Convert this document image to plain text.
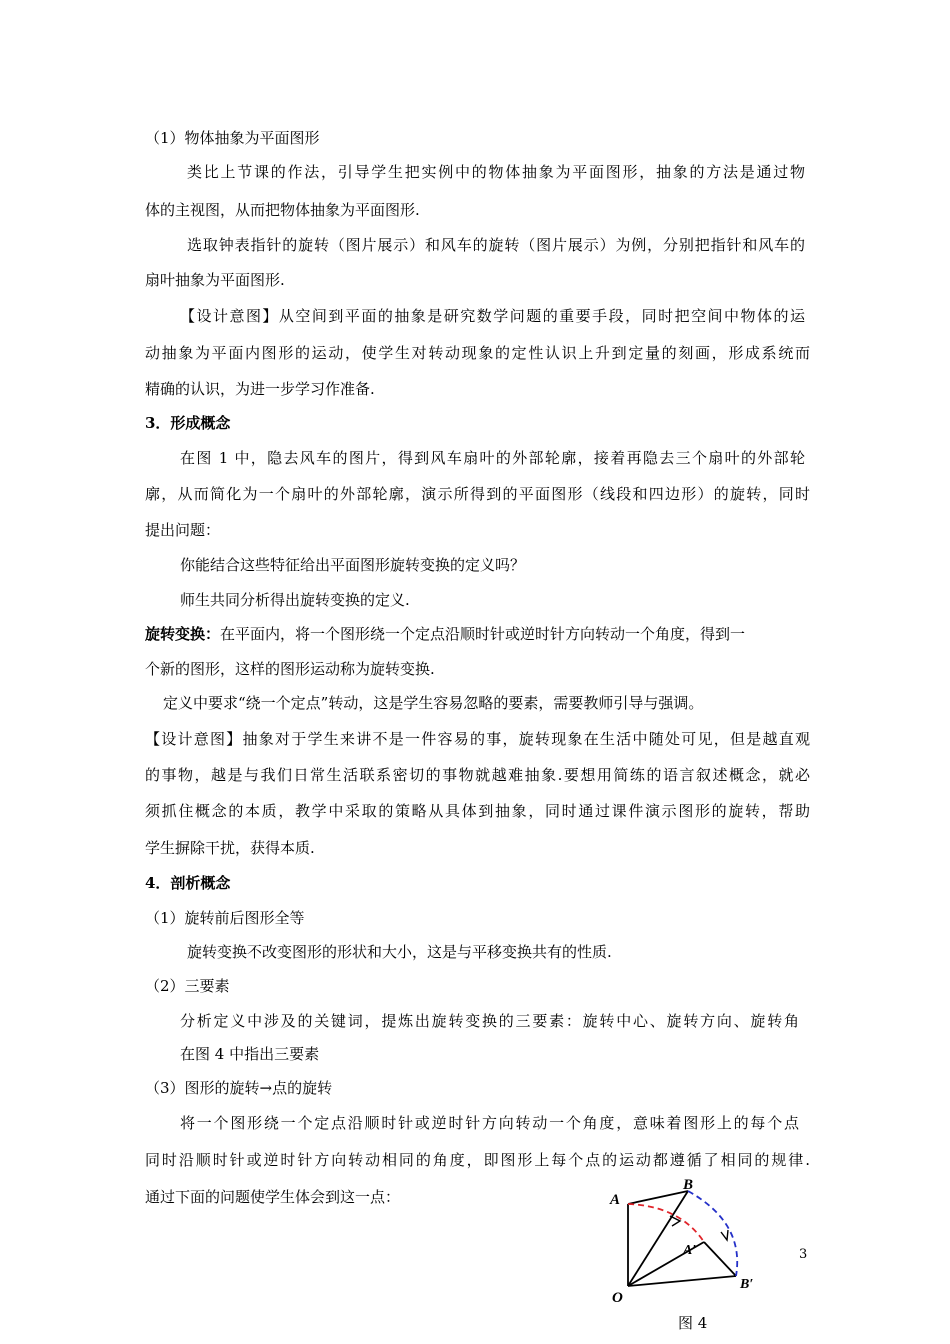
（1）物体抽象为平面图形
类比上节课的作法，引导学生把实例中的物体抽象为平面图形，抽象的方法是通过物
体的主视图，从而把物体抽象为平面图形.
选取钟表指针的旋转（图片展示）和风车的旋转（图片展示）为例，分别把指针和风车的
扇叶抽象为平面图形.
【设计意图】从空间到平面的抽象是研究数学问题的重要手段，同时把空间中物体的运
动抽象为平面内图形的运动，使学生对转动现象的定性认识上升到定量的刻画，形成系统而
精确的认识，为进一步学习作准备.
3．形成概念
在图 1 中，隐去风车的图片，得到风车扇叶的外部轮廓，接着再隐去三个扇叶的外部轮
廓，从而简化为一个扇叶的外部轮廓，演示所得到的平面图形（线段和四边形）的旋转，同时
提出问题：
你能结合这些特征给出平面图形旋转变换的定义吗？
师生共同分析得出旋转变换的定义.
旋转变换：在平面内，将一个图形绕一个定点沿顺时针或逆时针方向转动一个角度，得到一
个新的图形，这样的图形运动称为旋转变换.
定义中要求“绕一个定点”转动，这是学生容易忽略的要素，需要教师引导与强调。
【设计意图】抽象对于学生来讲不是一件容易的事，旋转现象在生活中随处可见，但是越直观
的事物，越是与我们日常生活联系密切的事物就越难抽象.要想用简练的语言叙述概念，就必
须抓住概念的本质，教学中采取的策略从具体到抽象，同时通过课件演示图形的旋转，帮助
学生摒除干扰，获得本质.
4．剖析概念
（1）旋转前后图形全等
旋转变换不改变图形的形状和大小，这是与平移变换共有的性质.
（2）三要素
分析定义中涉及的关键词，提炼出旋转变换的三要素：旋转中心、旋转方向、旋转角
在图 4 中指出三要素
（3）图形的旋转→点的旋转
将一个图形绕一个定点沿顺时针或逆时针方向转动一个角度，意味着图形上的每个点
同时沿顺时针或逆时针方向转动相同的角度，即图形上每个点的运动都遵循了相同的规律.
通过下面的问题使学生体会到这一点：	A
B
A′
B′
O
图 4
3
